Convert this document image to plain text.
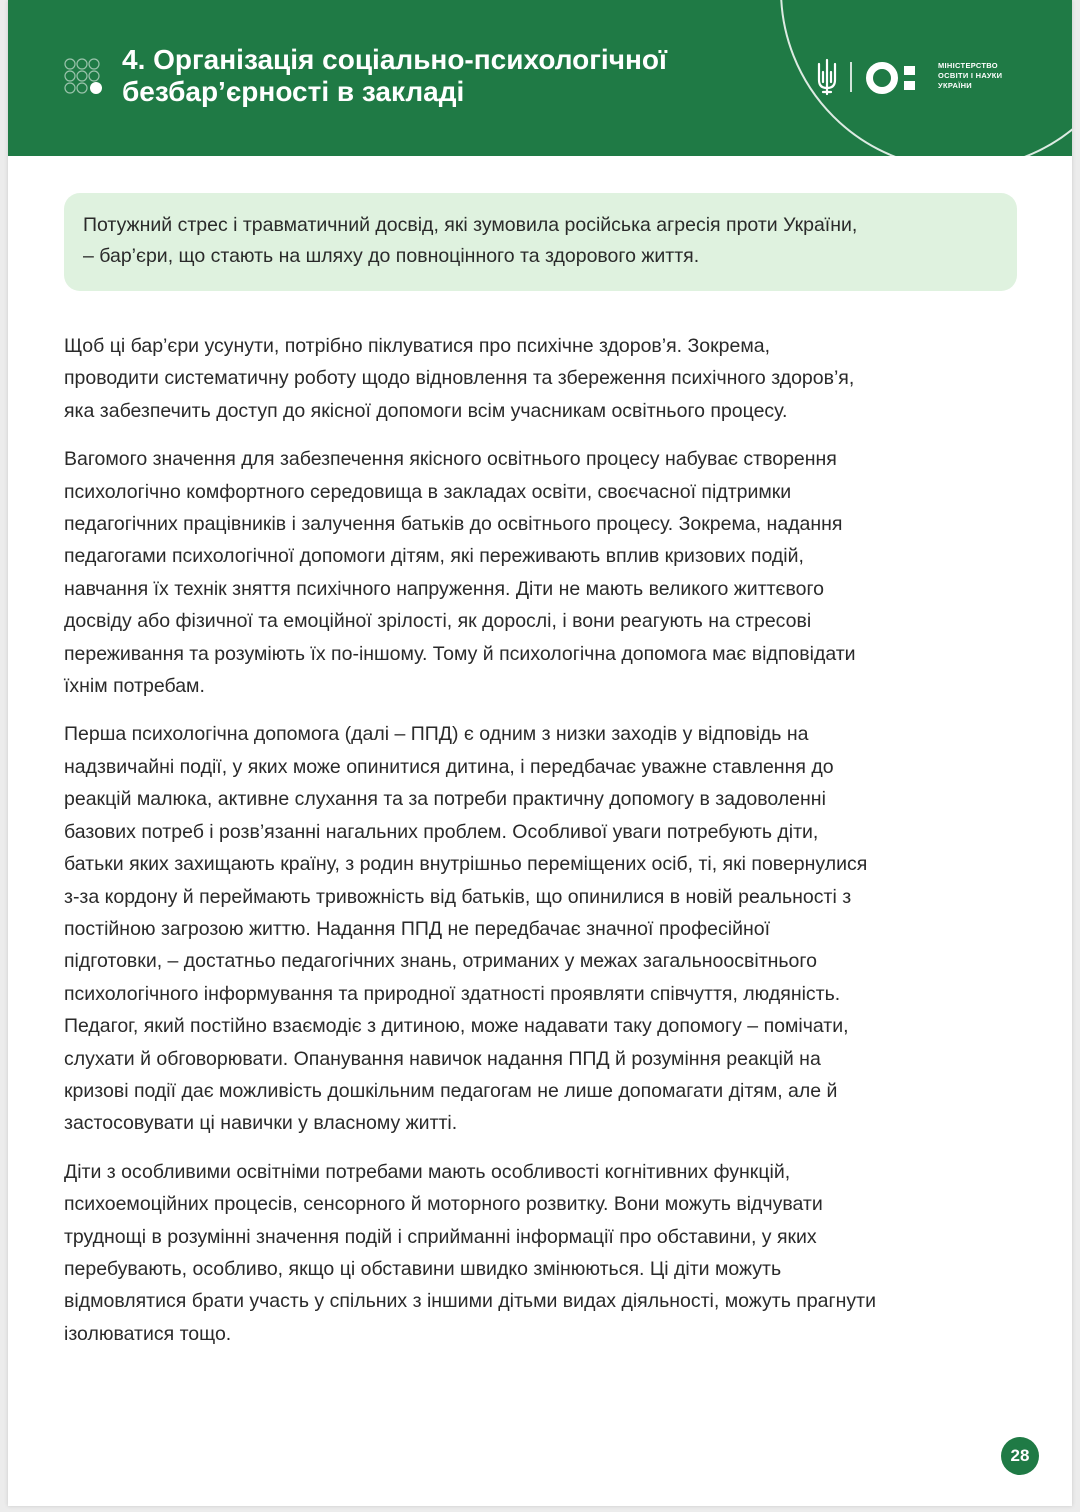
4. Організація соціально-психологічної
безбар’єрності в закладі
МІНІСТЕРСТВО
ОСВІТИ І НАУКИ
УКРАЇНИ
Потужний стрес і травматичний досвід, які зумовила російська агресія проти України,
– бар’єри, що стають на шляху до повноцінного та здорового життя.

Щоб ці бар’єри усунути, потрібно піклуватися про психічне здоров’я. Зокрема,
проводити систематичну роботу щодо відновлення та збереження психічного здоров’я,
яка забезпечить доступ до якісної допомоги всім учасникам освітнього процесу.

Вагомого значення для забезпечення якісного освітнього процесу набуває створення
психологічно комфортного середовища в закладах освіти, своєчасної підтримки
педагогічних працівників і залучення батьків до освітнього процесу. Зокрема, надання
педагогами психологічної допомоги дітям, які переживають вплив кризових подій,
навчання їх технік зняття психічного напруження. Діти не мають великого життєвого
досвіду або фізичної та емоційної зрілості, як дорослі, і вони реагують на стресові
переживання та розуміють їх по-іншому. Тому й психологічна допомога має відповідати
їхнім потребам.

Перша психологічна допомога (далі – ППД) є одним з низки заходів у відповідь на
надзвичайні події, у яких може опинитися дитина, і передбачає уважне ставлення до
реакцій малюка, активне слухання та за потреби практичну допомогу в задоволенні
базових потреб і розв’язанні нагальних проблем. Особливої уваги потребують діти,
батьки яких захищають країну, з родин внутрішньо переміщених осіб, ті, які повернулися
з-за кордону й переймають тривожність від батьків, що опинилися в новій реальності з
постійною загрозою життю. Надання ППД не передбачає значної професійної
підготовки, – достатньо педагогічних знань, отриманих у межах загальноосвітнього
психологічного інформування та природної здатності проявляти співчуття, людяність.
Педагог, який постійно взаємодіє з дитиною, може надавати таку допомогу – помічати,
слухати й обговорювати. Опанування навичок надання ППД й розуміння реакцій на
кризові події дає можливість дошкільним педагогам не лише допомагати дітям, але й
застосовувати ці навички у власному житті.

Діти з особливими освітніми потребами мають особливості когнітивних функцій,
психоемоційних процесів, сенсорного й моторного розвитку. Вони можуть відчувати
труднощі в розумінні значення подій і сприйманні інформації про обставини, у яких
перебувають, особливо, якщо ці обставини швидко змінюються. Ці діти можуть
відмовлятися брати участь у спільних з іншими дітьми видах діяльності, можуть прагнути
ізолюватися тощо.

28
